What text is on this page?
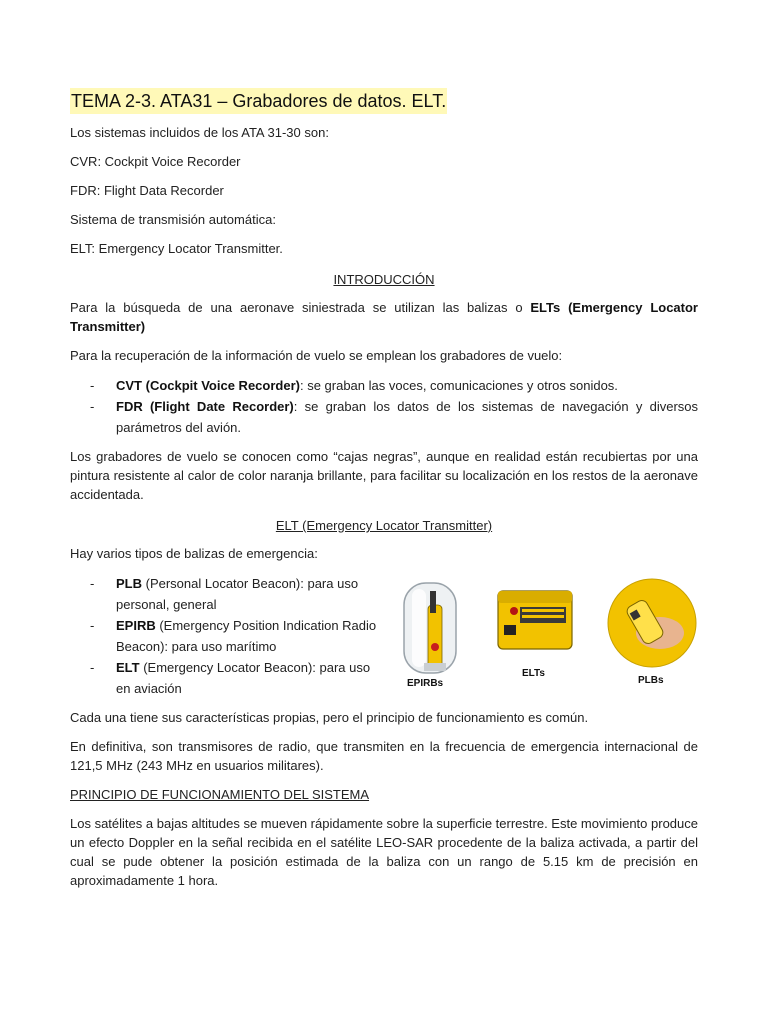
TEMA 2-3. ATA31 – Grabadores de datos. ELT.

Los sistemas incluidos de los ATA 31-30 son:

CVR: Cockpit Voice Recorder

FDR: Flight Data Recorder

Sistema de transmisión automática:

ELT: Emergency Locator Transmitter.

INTRODUCCIÓN

Para la búsqueda de una aeronave siniestrada se utilizan las balizas o ELTs (Emergency Locator Transmitter)

Para la recuperación de la información de vuelo se emplean los grabadores de vuelo:

- CVT (Cockpit Voice Recorder): se graban las voces, comunicaciones y otros sonidos.
- FDR (Flight Date Recorder): se graban los datos de los sistemas de navegación y diversos parámetros del avión.

Los grabadores de vuelo se conocen como “cajas negras”, aunque en realidad están recubiertas por una pintura resistente al calor de color naranja brillante, para facilitar su localización en los restos de la aeronave accidentada.

ELT (Emergency Locator Transmitter)

Hay varios tipos de balizas de emergencia:

- PLB (Personal Locator Beacon): para uso personal, general
- EPIRB (Emergency Position Indication Radio Beacon): para uso marítimo
- ELT (Emergency Locator Beacon): para uso en aviación	EPIRBs
ELTs
PLBs

Cada una tiene sus características propias, pero el principio de funcionamiento es común.

En definitiva, son transmisores de radio, que transmiten en la frecuencia de emergencia internacional de 121,5 MHz (243 MHz en usuarios militares).

PRINCIPIO DE FUNCIONAMIENTO DEL SISTEMA

Los satélites a bajas altitudes se mueven rápidamente sobre la superficie terrestre. Este movimiento produce un efecto Doppler en la señal recibida en el satélite LEO-SAR procedente de la baliza activada, a partir del cual se pude obtener la posición estimada de la baliza con un rango de 5.15 km de precisión en aproximadamente 1 hora.
